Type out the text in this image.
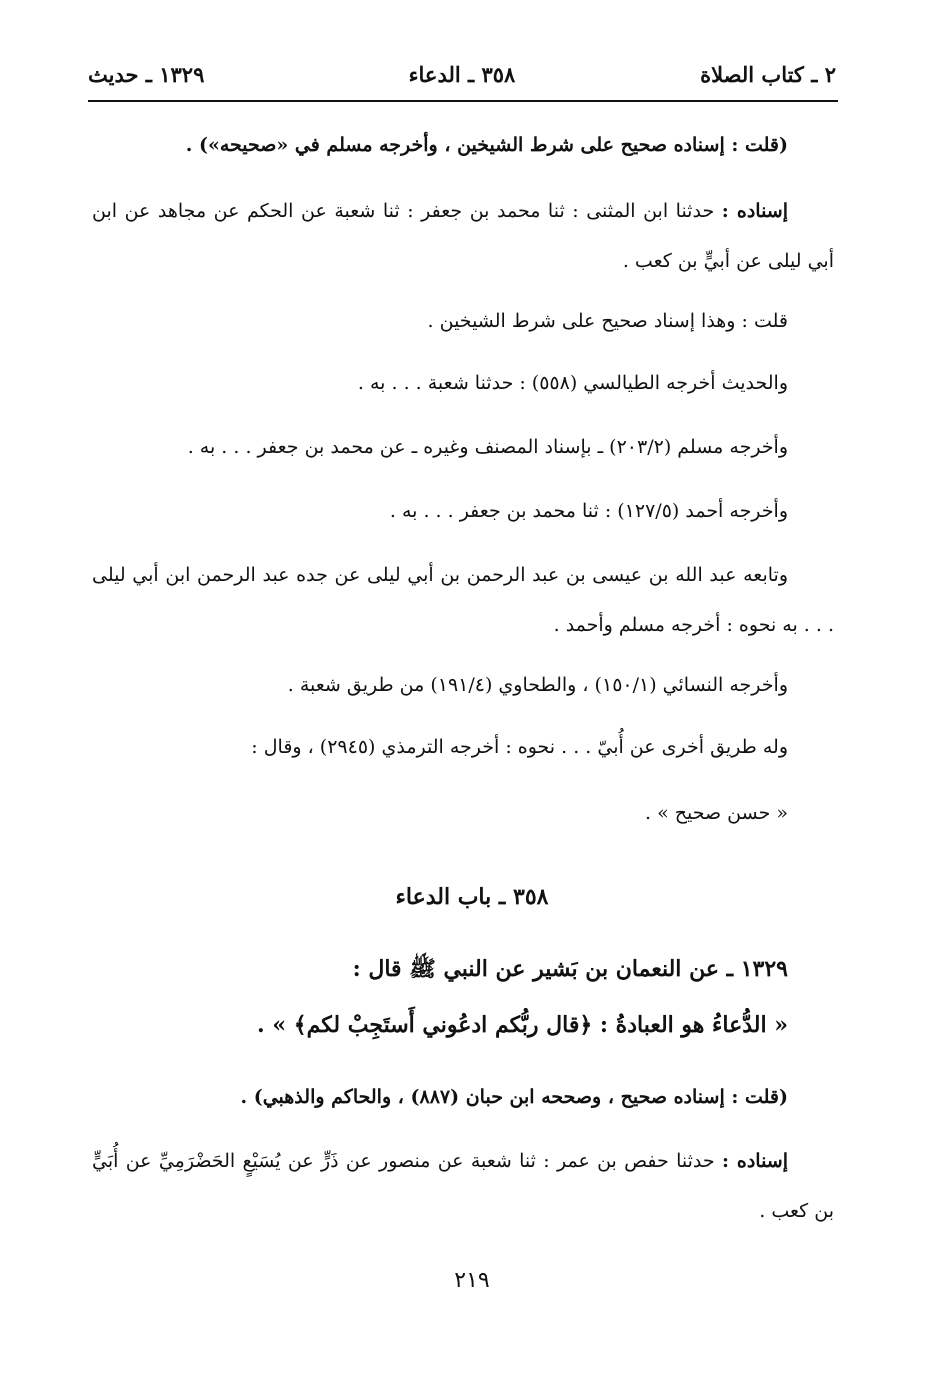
٢ ـ كتاب الصلاة
٣٥٨ ـ الدعاء
١٣٢٩ ـ حديث

(قلت : إسناده صحيح على شرط الشيخين ، وأخرجه مسلم في «صحيحه») .

إسناده : حدثنا ابن المثنى : ثنا محمد بن جعفر : ثنا شعبة عن الحكم عن مجاهد عن ابن أبي ليلى عن أبيٍّ بن كعب .

قلت : وهذا إسناد صحيح على شرط الشيخين .

والحديث أخرجه الطيالسي (٥٥٨) : حدثنا شعبة . . . به .

وأخرجه مسلم (٢٠٣/٢) ـ بإسناد المصنف وغيره ـ عن محمد بن جعفر . . . به .

وأخرجه أحمد (١٢٧/٥) : ثنا محمد بن جعفر . . . به .

وتابعه عبد الله بن عيسى بن عبد الرحمن بن أبي ليلى عن جده عبد الرحمن ابن أبي ليلى . . . به نحوه : أخرجه مسلم وأحمد .

وأخرجه النسائي (١٥٠/١) ، والطحاوي (١٩١/٤) من طريق شعبة .

وله طريق أخرى عن أُبيّ . . . نحوه : أخرجه الترمذي (٢٩٤٥) ، وقال :

« حسن صحيح » .

٣٥٨ ـ باب الدعاء

١٣٢٩ ـ عن النعمان بن بَشير عن النبي ﷺ قال :

« الدُّعاءُ هو العبادةُ : ﴿قال ربُّكم ادعُوني أَستَجِبْ لكم﴾ » .

(قلت : إسناده صحيح ، وصححه ابن حبان (٨٨٧) ، والحاكم والذهبي) .

إسناده : حدثنا حفص بن عمر : ثنا شعبة عن منصور عن ذَرٍّ عن يُسَيْعٍ الحَضْرَمِيِّ عن أُبَيٍّ بن كعب .

٢١٩
